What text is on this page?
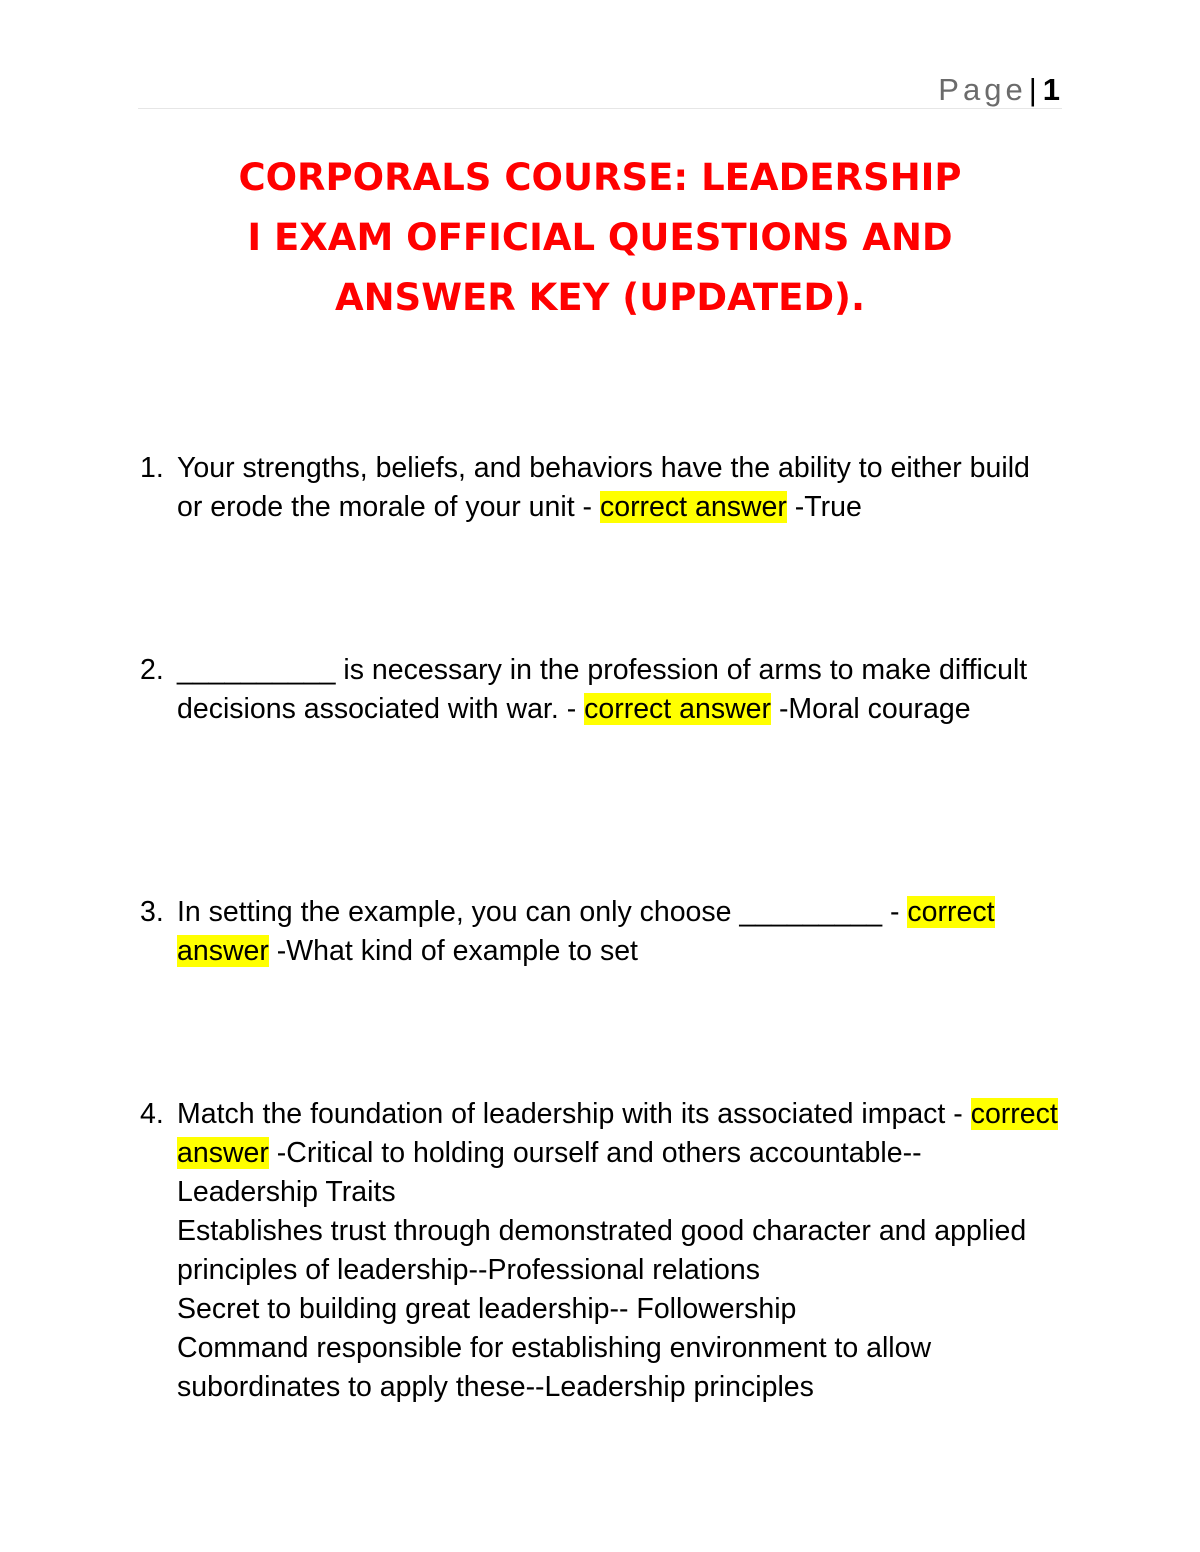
Page| 1
CORPORALS COURSE: LEADERSHIP
I EXAM OFFICIAL QUESTIONS AND
ANSWER KEY (UPDATED).
1. Your strengths, beliefs, and behaviors have the ability to either build or erode the morale of your unit - correct answer -True
2. __________ is necessary in the profession of arms to make difficult decisions associated with war. - correct answer -Moral courage
3. In setting the example, you can only choose _________ - correct answer -What kind of example to set
4. Match the foundation of leadership with its associated impact - correct answer -Critical to holding ourself and others accountable--Leadership Traits
Establishes trust through demonstrated good character and applied principles of leadership--Professional relations
Secret to building great leadership-- Followership
Command responsible for establishing environment to allow subordinates to apply these--Leadership principles
